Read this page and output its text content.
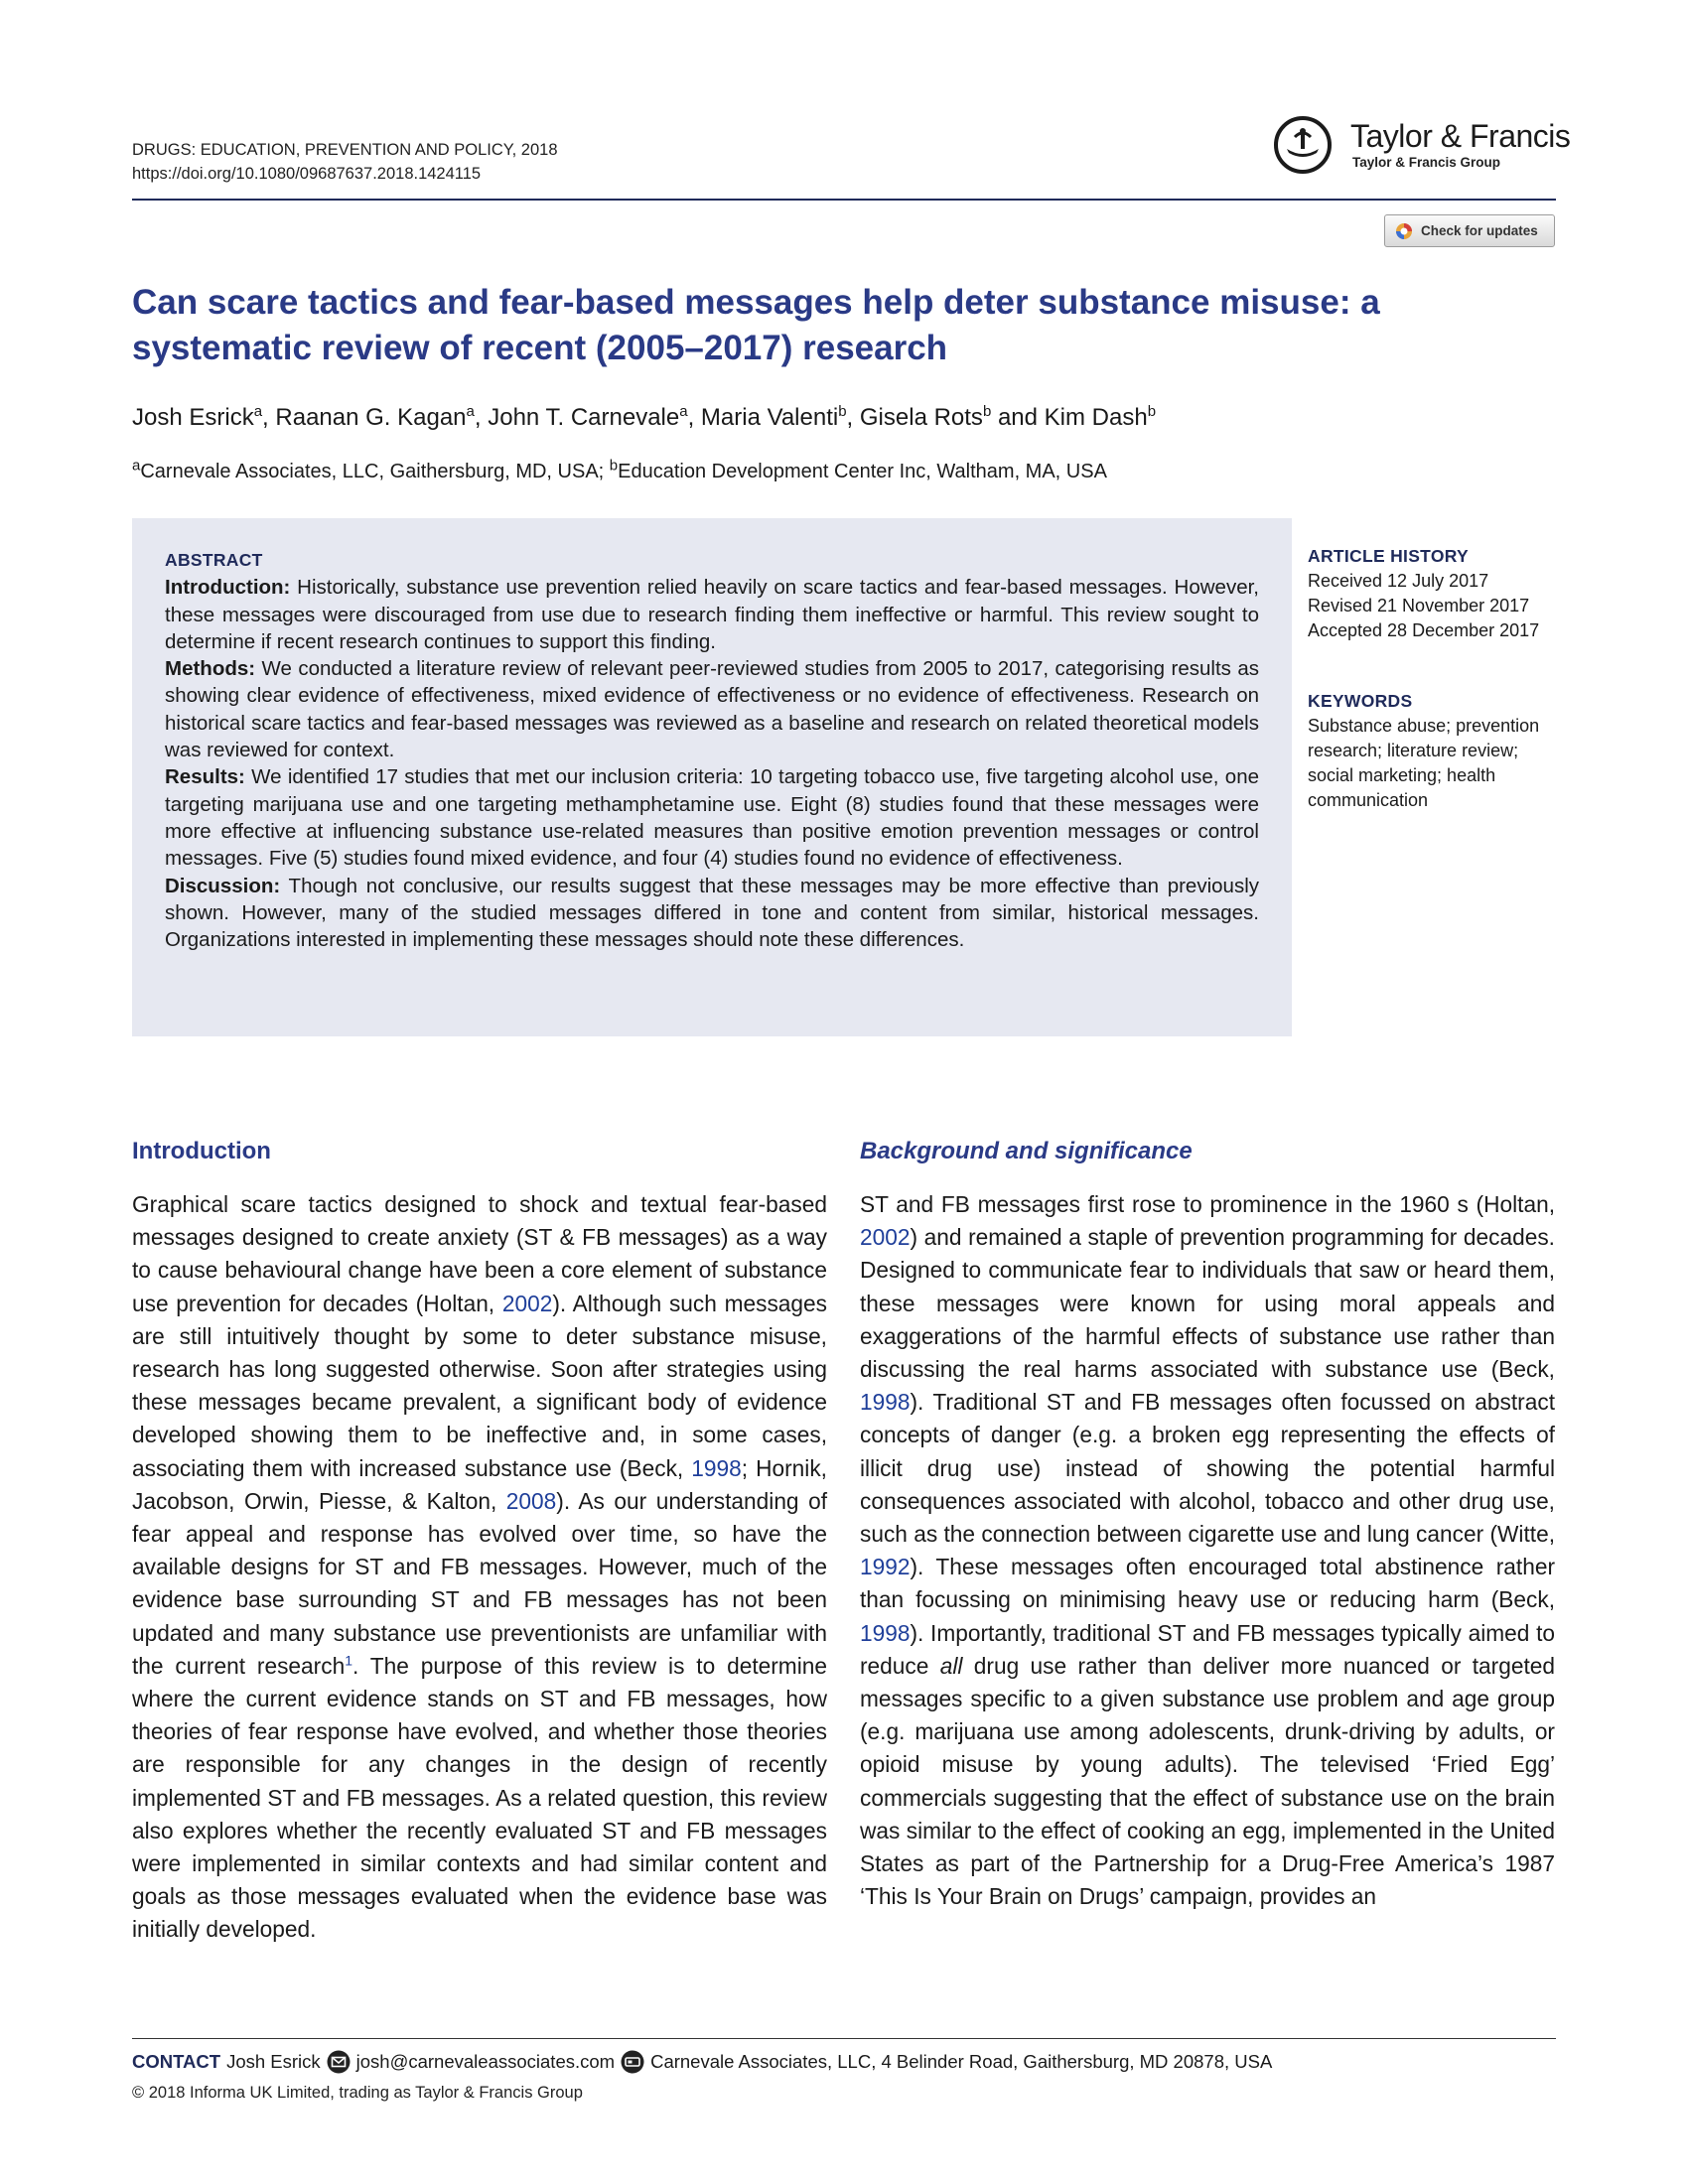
DRUGS: EDUCATION, PREVENTION AND POLICY, 2018
https://doi.org/10.1080/09687637.2018.1424115
Taylor & Francis
Taylor & Francis Group
Check for updates
Can scare tactics and fear-based messages help deter substance misuse: a systematic review of recent (2005–2017) research
Josh Esrick$^a$, Raanan G. Kagan$^a$, John T. Carnevale$^a$, Maria Valenti$^b$, Gisela Rots$^b$ and Kim Dash$^b$
$^a$Carnevale Associates, LLC, Gaithersburg, MD, USA; $^b$Education Development Center Inc, Waltham, MA, USA
ABSTRACT
Introduction: Historically, substance use prevention relied heavily on scare tactics and fear-based messages. However, these messages were discouraged from use due to research finding them ineffective or harmful. This review sought to determine if recent research continues to support this finding.
Methods: We conducted a literature review of relevant peer-reviewed studies from 2005 to 2017, categorising results as showing clear evidence of effectiveness, mixed evidence of effectiveness or no evidence of effectiveness. Research on historical scare tactics and fear-based messages was reviewed as a baseline and research on related theoretical models was reviewed for context.
Results: We identified 17 studies that met our inclusion criteria: 10 targeting tobacco use, five targeting alcohol use, one targeting marijuana use and one targeting methamphetamine use. Eight (8) studies found that these messages were more effective at influencing substance use-related measures than positive emotion prevention messages or control messages. Five (5) studies found mixed evidence, and four (4) studies found no evidence of effectiveness.
Discussion: Though not conclusive, our results suggest that these messages may be more effective than previously shown. However, many of the studied messages differed in tone and content from similar, historical messages. Organizations interested in implementing these messages should note these differences.
ARTICLE HISTORY
Received 12 July 2017
Revised 21 November 2017
Accepted 28 December 2017
KEYWORDS
Substance abuse; prevention research; literature review; social marketing; health communication
Introduction	Background and significance

Graphical scare tactics designed to shock and textual fear-based messages designed to create anxiety (ST & FB messages) as a way to cause behavioural change have been a core element of substance use prevention for decades (Holtan, 2002). Although such messages are still intuitively thought by some to deter substance misuse, research has long suggested otherwise. Soon after strategies using these messages became prevalent, a significant body of evidence developed showing them to be ineffective and, in some cases, associating them with increased substance use (Beck, 1998; Hornik, Jacobson, Orwin, Piesse, & Kalton, 2008). As our understanding of fear appeal and response has evolved over time, so have the available designs for ST and FB messages. However, much of the evidence base surrounding ST and FB messages has not been updated and many substance use preventionists are unfamiliar with the current research$^1$. The purpose of this review is to determine where the current evidence stands on ST and FB messages, how theories of fear response have evolved, and whether those theories are responsible for any changes in the design of recently implemented ST and FB messages. As a related question, this review also explores whether the recently evaluated ST and FB messages were implemented in similar contexts and had similar content and goals as those messages evaluated when the evidence base was initially developed.

ST and FB messages first rose to prominence in the 1960 s (Holtan, 2002) and remained a staple of prevention programming for decades. Designed to communicate fear to individuals that saw or heard them, these messages were known for using moral appeals and exaggerations of the harmful effects of substance use rather than discussing the real harms associated with substance use (Beck, 1998). Traditional ST and FB messages often focussed on abstract concepts of danger (e.g. a broken egg representing the effects of illicit drug use) instead of showing the potential harmful consequences associated with alcohol, tobacco and other drug use, such as the connection between cigarette use and lung cancer (Witte, 1992). These messages often encouraged total abstinence rather than focussing on minimising heavy use or reducing harm (Beck, 1998). Importantly, traditional ST and FB messages typically aimed to reduce all drug use rather than deliver more nuanced or targeted messages specific to a given substance use problem and age group (e.g. marijuana use among adolescents, drunk-driving by adults, or opioid misuse by young adults). The televised ‘Fried Egg’ commercials suggesting that the effect of substance use on the brain was similar to the effect of cooking an egg, implemented in the United States as part of the Partnership for a Drug-Free America’s 1987 ‘This Is Your Brain on Drugs’ campaign, provides an

CONTACT Josh Esrick josh@carnevaleassociates.com Carnevale Associates, LLC, 4 Belinder Road, Gaithersburg, MD 20878, USA
© 2018 Informa UK Limited, trading as Taylor & Francis Group
